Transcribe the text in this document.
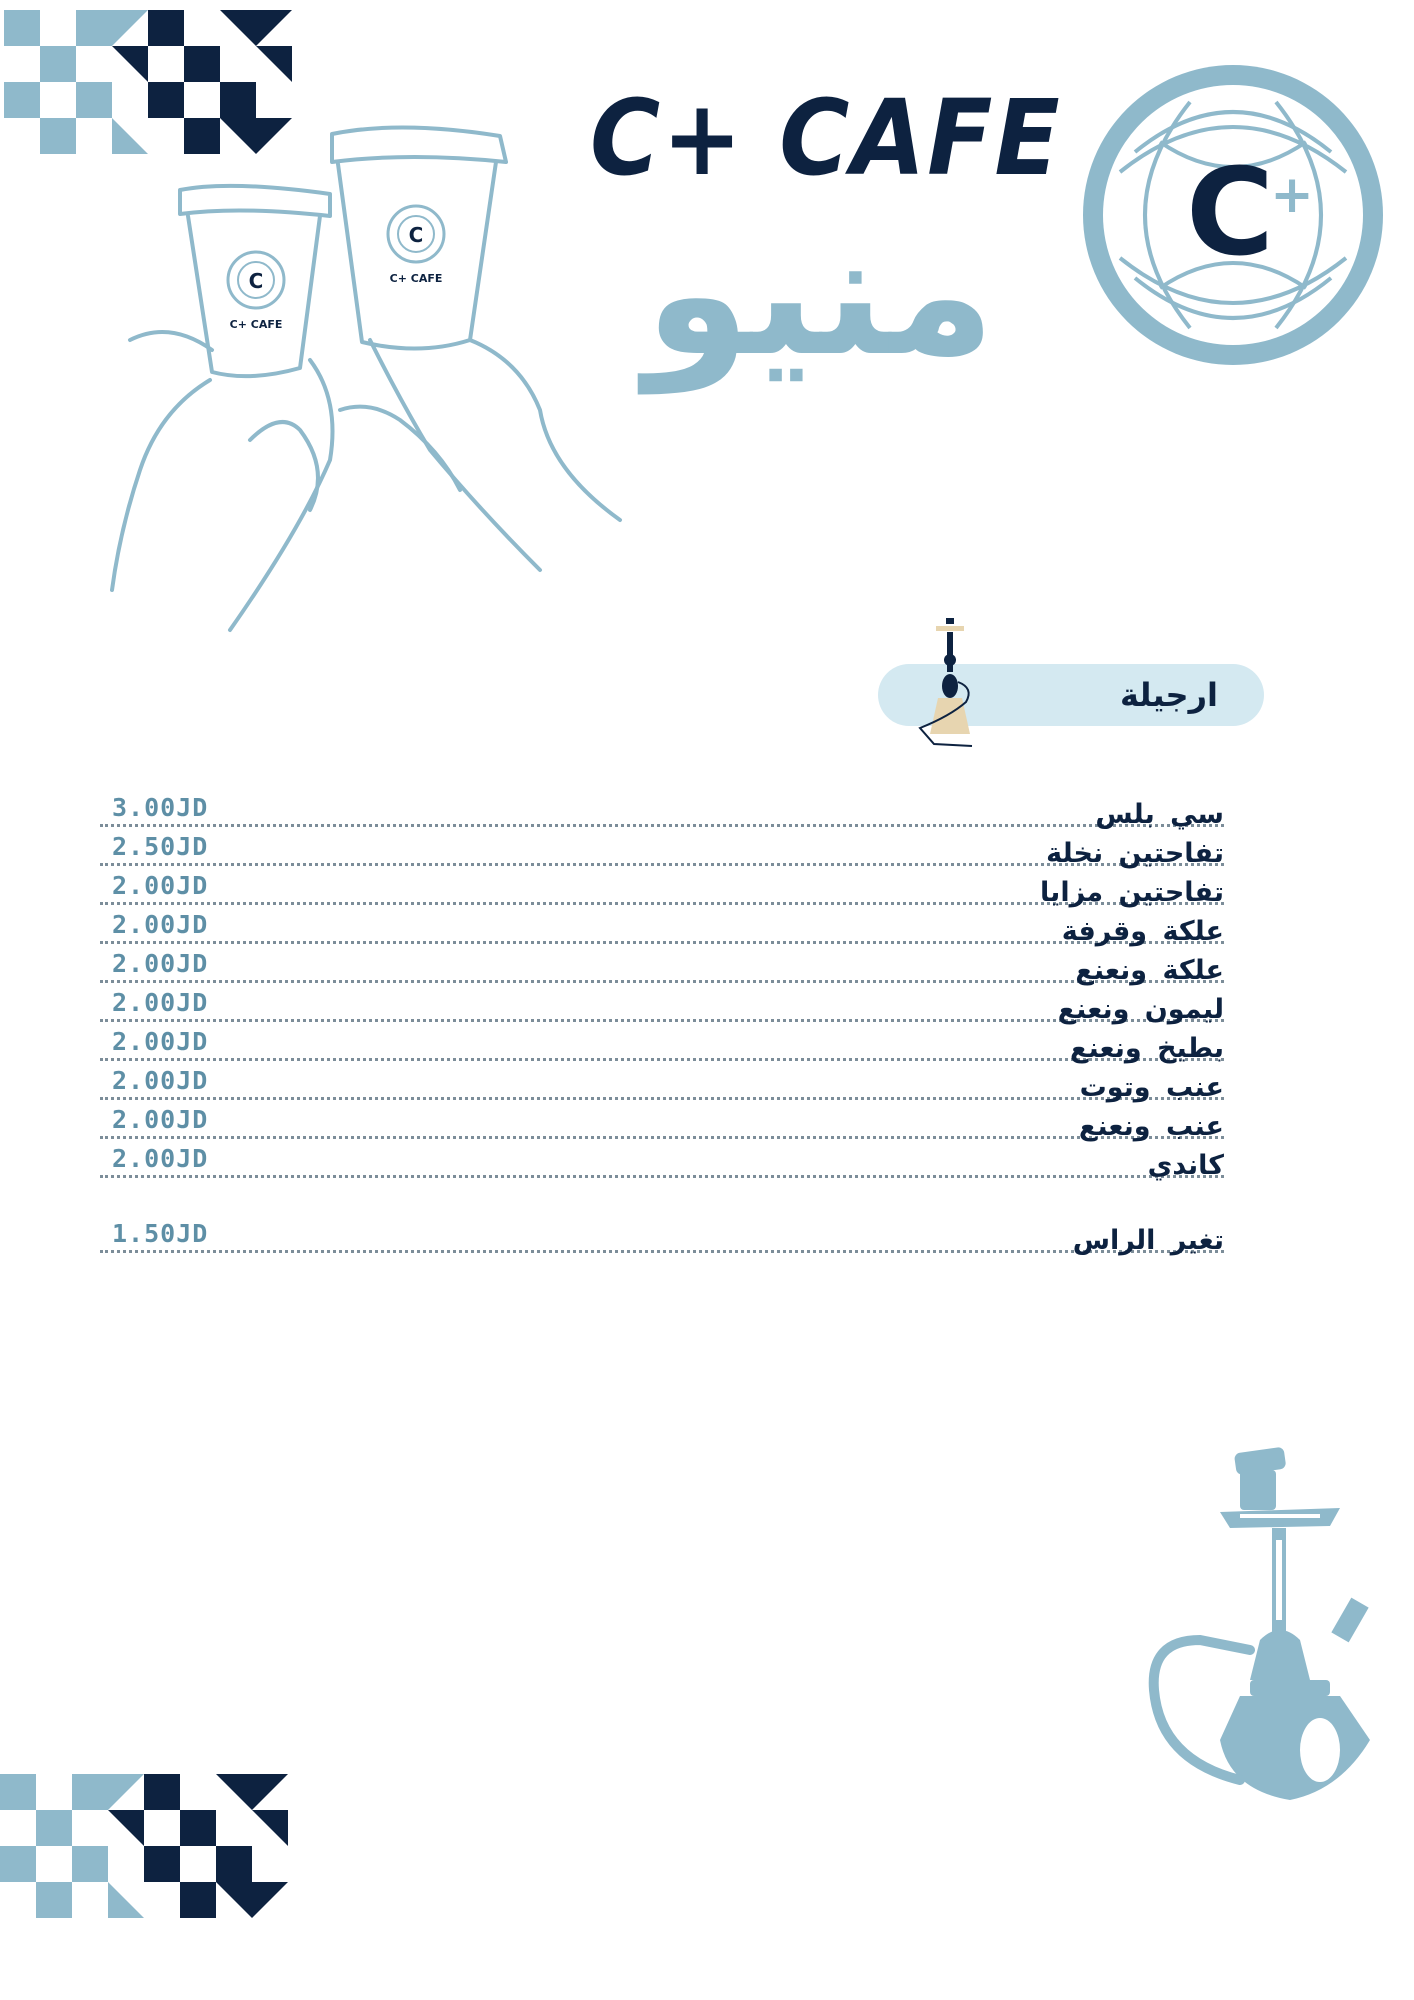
C
C+ CAFE
C
C+ CAFE
C+ CAFE
منيو	C
+
ارجيلة
سي بلس
3.00JD
تفاحتين نخلة
2.50JD
تفاحتين مزايا
2.00JD
علكة وقرفة
2.00JD
علكة ونعنع
2.00JD
ليمون ونعنع
2.00JD
بطيخ ونعنع
2.00JD
عنب وتوت
2.00JD
عنب ونعنع
2.00JD
كاندي
2.00JD
تغير الراس
1.50JD
